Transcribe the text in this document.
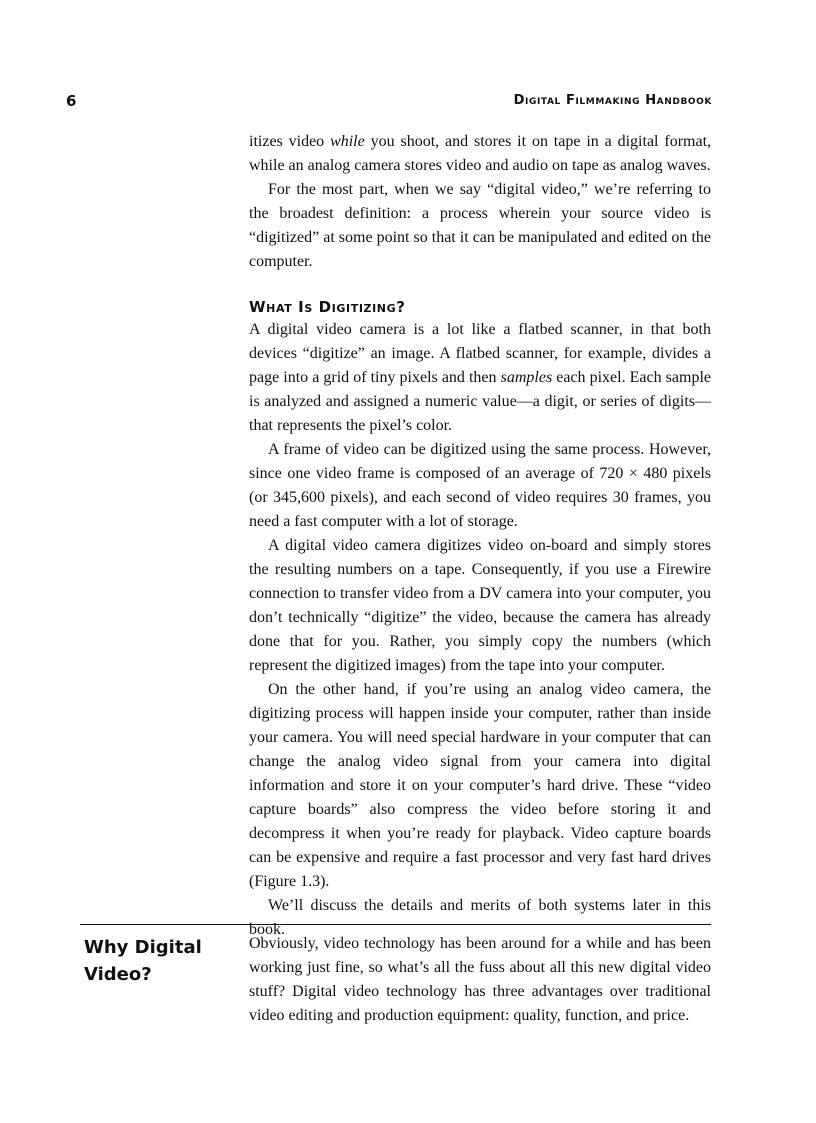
6	Digital Filmmaking Handbook

itizes video while you shoot, and stores it on tape in a digital format, while an analog camera stores video and audio on tape as analog waves.

For the most part, when we say “digital video,” we’re referring to the broadest definition: a process wherein your source video is “digitized” at some point so that it can be manipulated and edited on the computer.

What Is Digitizing?

A digital video camera is a lot like a flatbed scanner, in that both devices “digitize” an image. A flatbed scanner, for example, divides a page into a grid of tiny pixels and then samples each pixel. Each sample is analyzed and assigned a numeric value—a digit, or series of digits—that represents the pixel’s color.

A frame of video can be digitized using the same process. However, since one video frame is composed of an average of 720 × 480 pixels (or 345,600 pixels), and each second of video requires 30 frames, you need a fast computer with a lot of storage.

A digital video camera digitizes video on-board and simply stores the resulting numbers on a tape. Consequently, if you use a Firewire connection to transfer video from a DV camera into your computer, you don’t technically “digitize” the video, because the camera has already done that for you. Rather, you simply copy the numbers (which represent the digitized images) from the tape into your computer.

On the other hand, if you’re using an analog video camera, the digitizing process will happen inside your computer, rather than inside your camera. You will need special hardware in your computer that can change the analog video signal from your camera into digital information and store it on your computer’s hard drive. These “video capture boards” also compress the video before storing it and decompress it when you’re ready for playback. Video capture boards can be expensive and require a fast processor and very fast hard drives (Figure 1.3).

We’ll discuss the details and merits of both systems later in this book.

Why Digital
Video?

Obviously, video technology has been around for a while and has been working just fine, so what’s all the fuss about all this new digital video stuff? Digital video technology has three advantages over traditional video editing and production equipment: quality, function, and price.
